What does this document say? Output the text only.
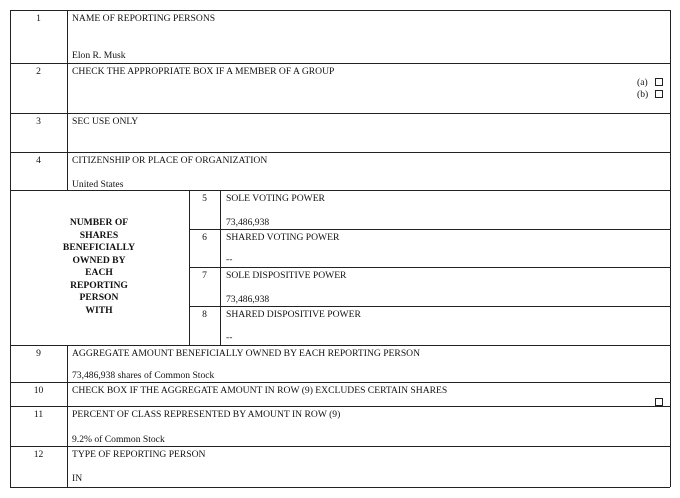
1	NAME OF REPORTING PERSONS
Elon R. Musk
2	CHECK THE APPROPRIATE BOX IF A MEMBER OF A GROUP
(a)
(b)
3	SEC USE ONLY
4	CITIZENSHIP OR PLACE OF ORGANIZATION
United States
NUMBER OF
SHARES
BENEFICIALLY
OWNED BY
EACH
REPORTING
PERSON
WITH
5	SOLE VOTING POWER
73,486,938
6	SHARED VOTING POWER
--
7	SOLE DISPOSITIVE POWER
73,486,938
8	SHARED DISPOSITIVE POWER
--
9	AGGREGATE AMOUNT BENEFICIALLY OWNED BY EACH REPORTING PERSON
73,486,938 shares of Common Stock
10	CHECK BOX IF THE AGGREGATE AMOUNT IN ROW (9) EXCLUDES CERTAIN SHARES
11	PERCENT OF CLASS REPRESENTED BY AMOUNT IN ROW (9)
9.2% of Common Stock
12	TYPE OF REPORTING PERSON
IN
